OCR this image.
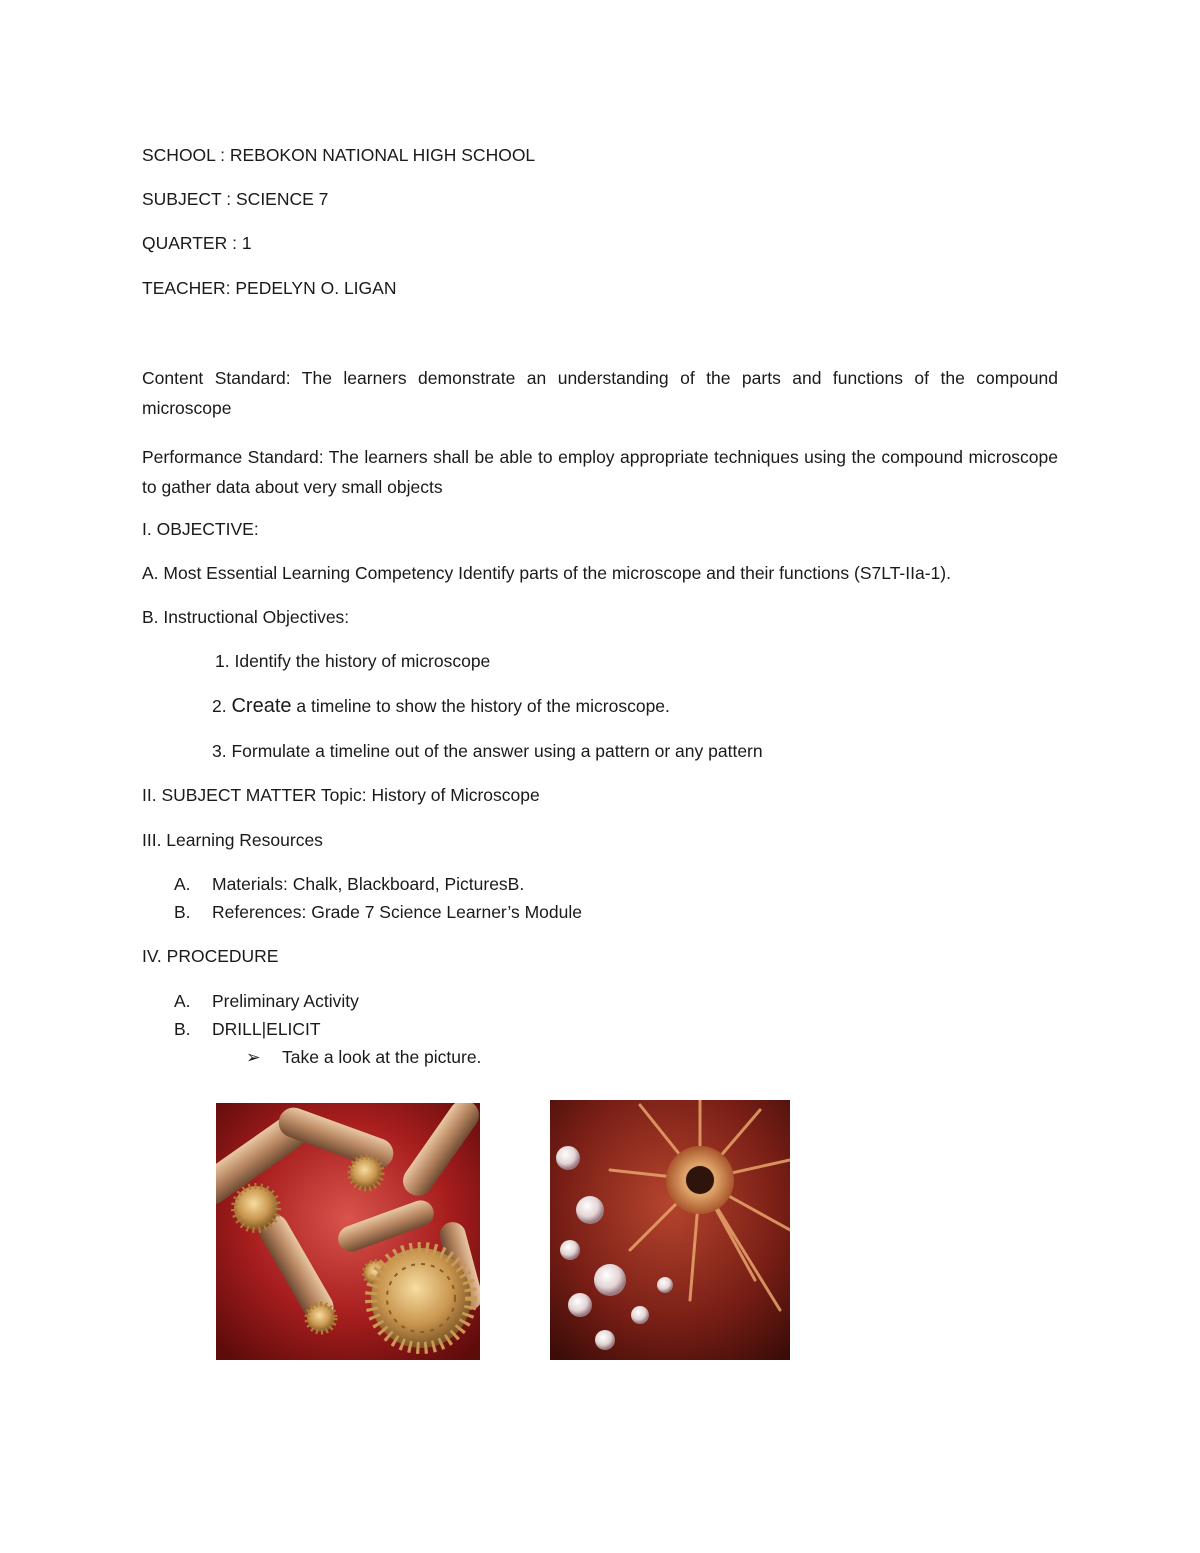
SCHOOL : REBOKON NATIONAL HIGH SCHOOL
SUBJECT : SCIENCE 7
QUARTER : 1
TEACHER: PEDELYN O. LIGAN
Content Standard: The learners demonstrate an understanding of the parts and functions of the compound microscope
Performance Standard: The learners shall be able to employ appropriate techniques using the compound microscope to gather data about very small objects
I. OBJECTIVE:
A. Most Essential Learning Competency Identify parts of the microscope and their functions (S7LT-IIa-1).
B. Instructional Objectives:
1. Identify the history of microscope
2. Create a timeline to show the history of the microscope.
3. Formulate a timeline out of the answer using a pattern or any pattern
II. SUBJECT MATTER Topic: History of Microscope
III. Learning Resources
A. Materials: Chalk, Blackboard, PicturesB.
B. References: Grade 7 Science Learner’s Module
IV. PROCEDURE
A. Preliminary Activity
B. DRILL|ELICIT
➢ Take a look at the picture.
